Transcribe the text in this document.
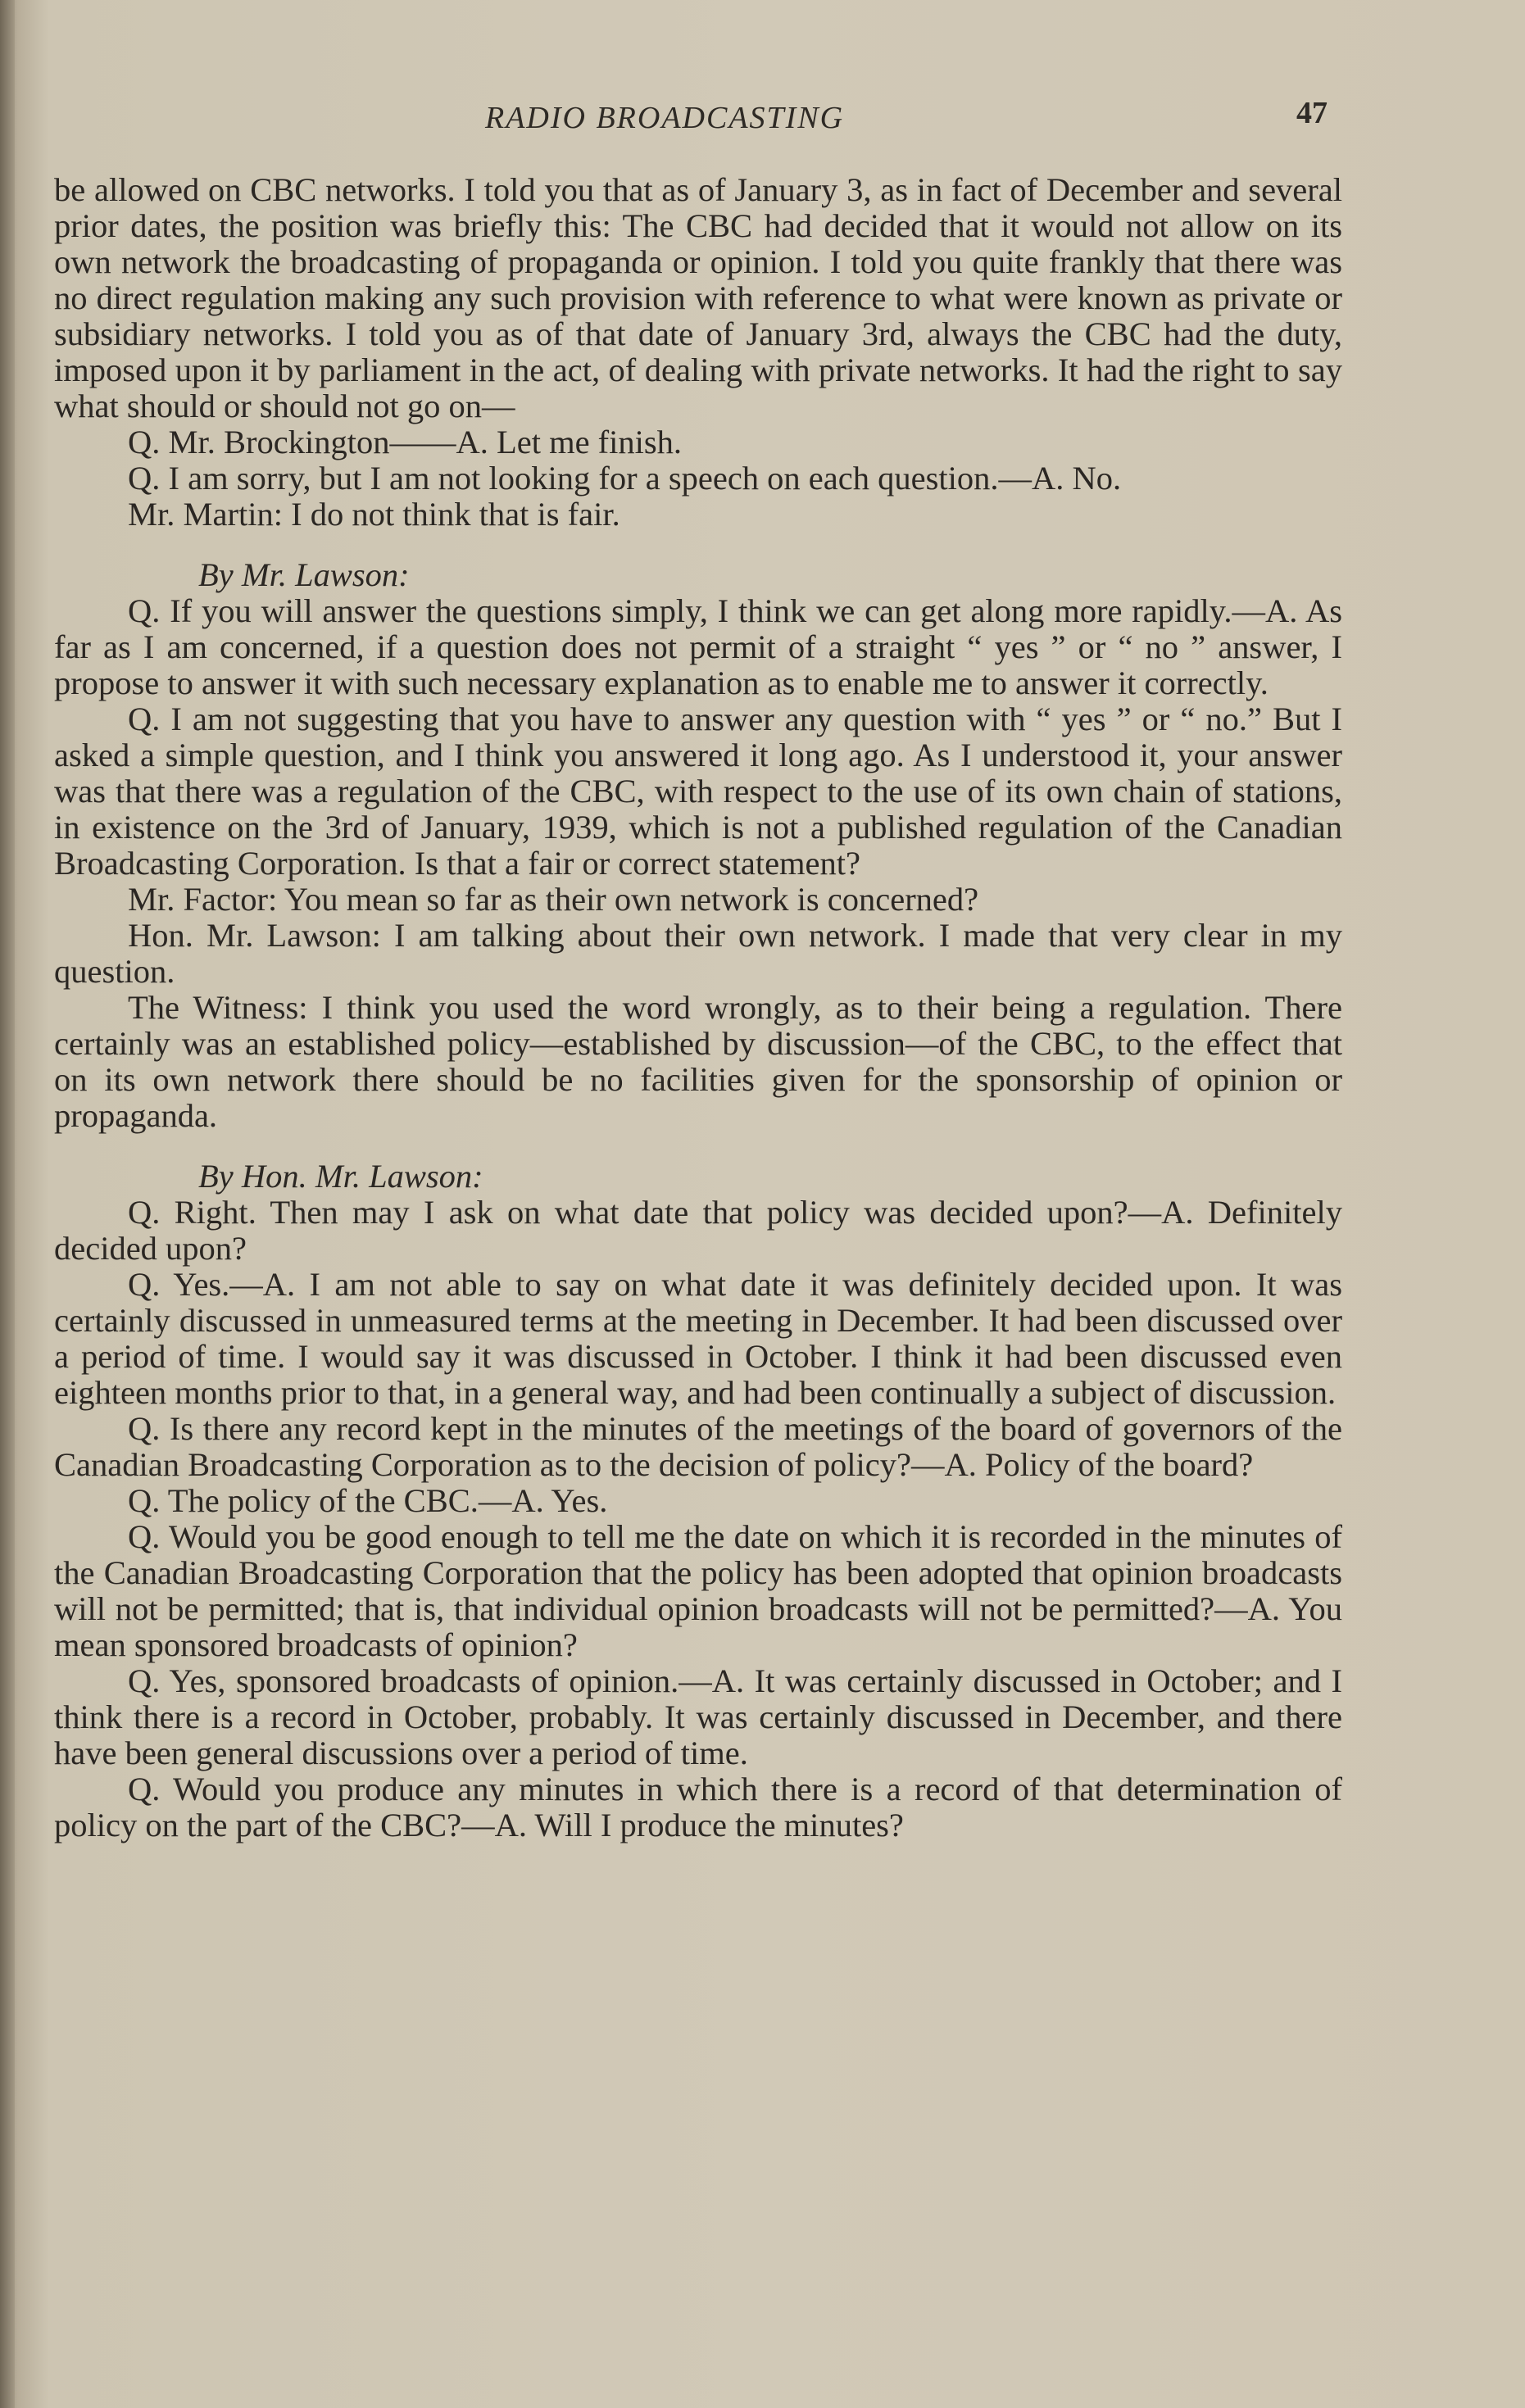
RADIO BROADCASTING	47

be allowed on CBC networks. I told you that as of January 3, as in fact of December and several prior dates, the position was briefly this: The CBC had decided that it would not allow on its own network the broadcasting of propaganda or opinion. I told you quite frankly that there was no direct regulation making any such provision with reference to what were known as private or subsidiary networks. I told you as of that date of January 3rd, always the CBC had the duty, imposed upon it by parliament in the act, of dealing with private networks. It had the right to say what should or should not go on—

Q. Mr. Brockington——A. Let me finish.

Q. I am sorry, but I am not looking for a speech on each question.—A. No.

Mr. Martin: I do not think that is fair.

By Mr. Lawson:

Q. If you will answer the questions simply, I think we can get along more rapidly.—A. As far as I am concerned, if a question does not permit of a straight “ yes ” or “ no ” answer, I propose to answer it with such necessary explanation as to enable me to answer it correctly.

Q. I am not suggesting that you have to answer any question with “ yes ” or “ no.” But I asked a simple question, and I think you answered it long ago. As I understood it, your answer was that there was a regulation of the CBC, with respect to the use of its own chain of stations, in existence on the 3rd of January, 1939, which is not a published regulation of the Canadian Broadcasting Corporation. Is that a fair or correct statement?

Mr. Factor: You mean so far as their own network is concerned?

Hon. Mr. Lawson: I am talking about their own network. I made that very clear in my question.

The Witness: I think you used the word wrongly, as to their being a regulation. There certainly was an established policy—established by discussion—of the CBC, to the effect that on its own network there should be no facilities given for the sponsorship of opinion or propaganda.

By Hon. Mr. Lawson:

Q. Right. Then may I ask on what date that policy was decided upon?—A. Definitely decided upon?

Q. Yes.—A. I am not able to say on what date it was definitely decided upon. It was certainly discussed in unmeasured terms at the meeting in December. It had been discussed over a period of time. I would say it was discussed in October. I think it had been discussed even eighteen months prior to that, in a general way, and had been continually a subject of discussion.

Q. Is there any record kept in the minutes of the meetings of the board of governors of the Canadian Broadcasting Corporation as to the decision of policy?—A. Policy of the board?

Q. The policy of the CBC.—A. Yes.

Q. Would you be good enough to tell me the date on which it is recorded in the minutes of the Canadian Broadcasting Corporation that the policy has been adopted that opinion broadcasts will not be permitted; that is, that individual opinion broadcasts will not be permitted?—A. You mean sponsored broadcasts of opinion?

Q. Yes, sponsored broadcasts of opinion.—A. It was certainly discussed in October; and I think there is a record in October, probably. It was certainly discussed in December, and there have been general discussions over a period of time.

Q. Would you produce any minutes in which there is a record of that determination of policy on the part of the CBC?—A. Will I produce the minutes?
